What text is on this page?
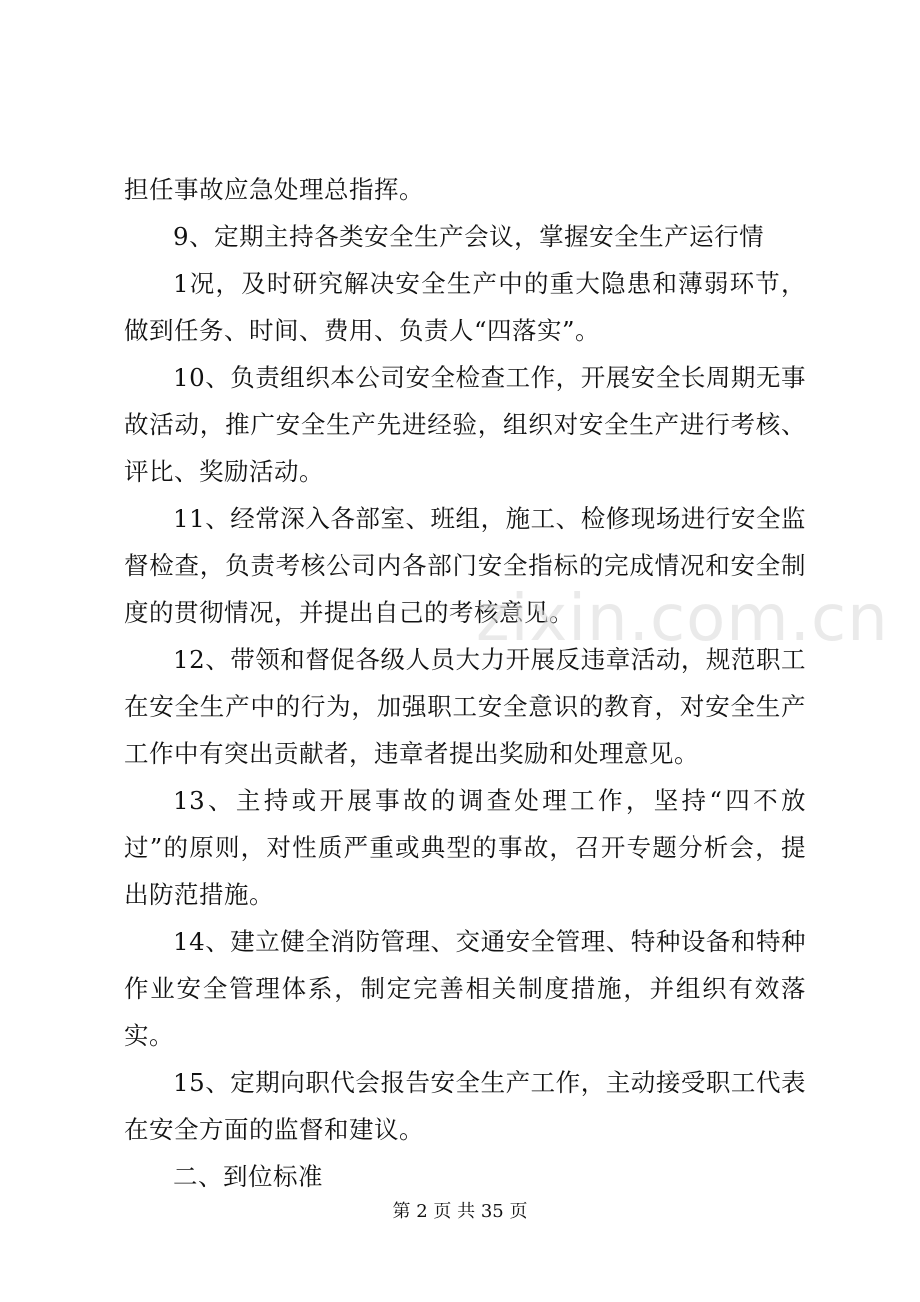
担任事故应急处理总指挥。

9、定期主持各类安全生产会议，掌握安全生产运行情

1况，及时研究解决安全生产中的重大隐患和薄弱环节，做到任务、时间、费用、负责人“四落实”。

10、负责组织本公司安全检查工作，开展安全长周期无事故活动，推广安全生产先进经验，组织对安全生产进行考核、评比、奖励活动。

11、经常深入各部室、班组，施工、检修现场进行安全监督检查，负责考核公司内各部门安全指标的完成情况和安全制度的贯彻情况，并提出自己的考核意见。

12、带领和督促各级人员大力开展反违章活动，规范职工在安全生产中的行为，加强职工安全意识的教育，对安全生产工作中有突出贡献者，违章者提出奖励和处理意见。

13、主持或开展事故的调查处理工作，坚持“四不放过”的原则，对性质严重或典型的事故，召开专题分析会，提出防范措施。

14、建立健全消防管理、交通安全管理、特种设备和特种作业安全管理体系，制定完善相关制度措施，并组织有效落实。

15、定期向职代会报告安全生产工作，主动接受职工代表在安全方面的监督和建议。

二、到位标准

zixin.com.cn
第 2 页 共 35 页
